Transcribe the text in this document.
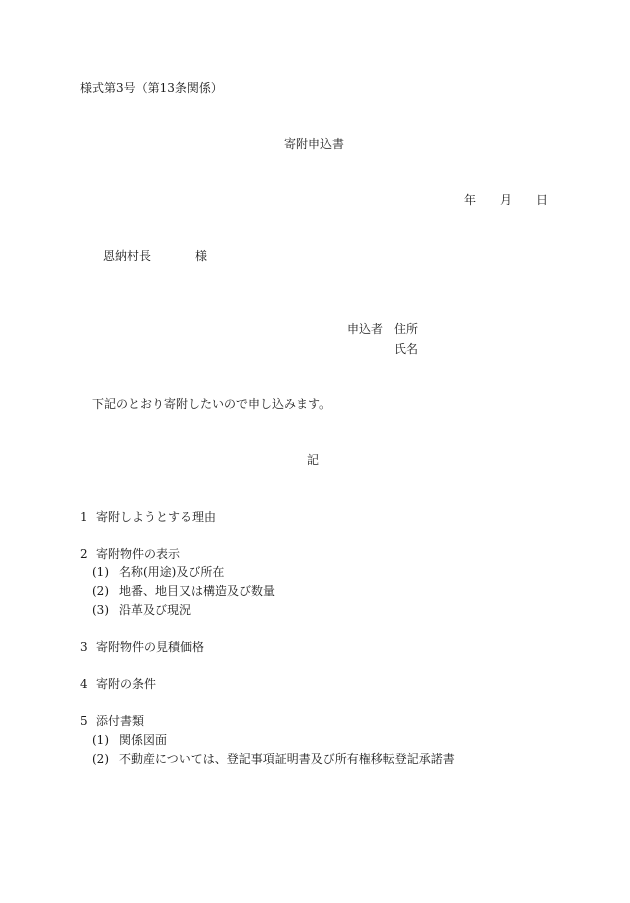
様式第3号（第13条関係）

寄附申込書

年 月 日
恩納村長	様
申込者 住所
氏名

下記のとおり寄附したいので申し込みます。

記

1 寄附しようとする理由
2 寄附物件の表示
(1) 名称(用途)及び所在
(2) 地番、地目又は構造及び数量
(3) 沿革及び現況
3 寄附物件の見積価格
4 寄附の条件
5 添付書類
(1) 関係図面
(2) 不動産については、登記事項証明書及び所有権移転登記承諾書
